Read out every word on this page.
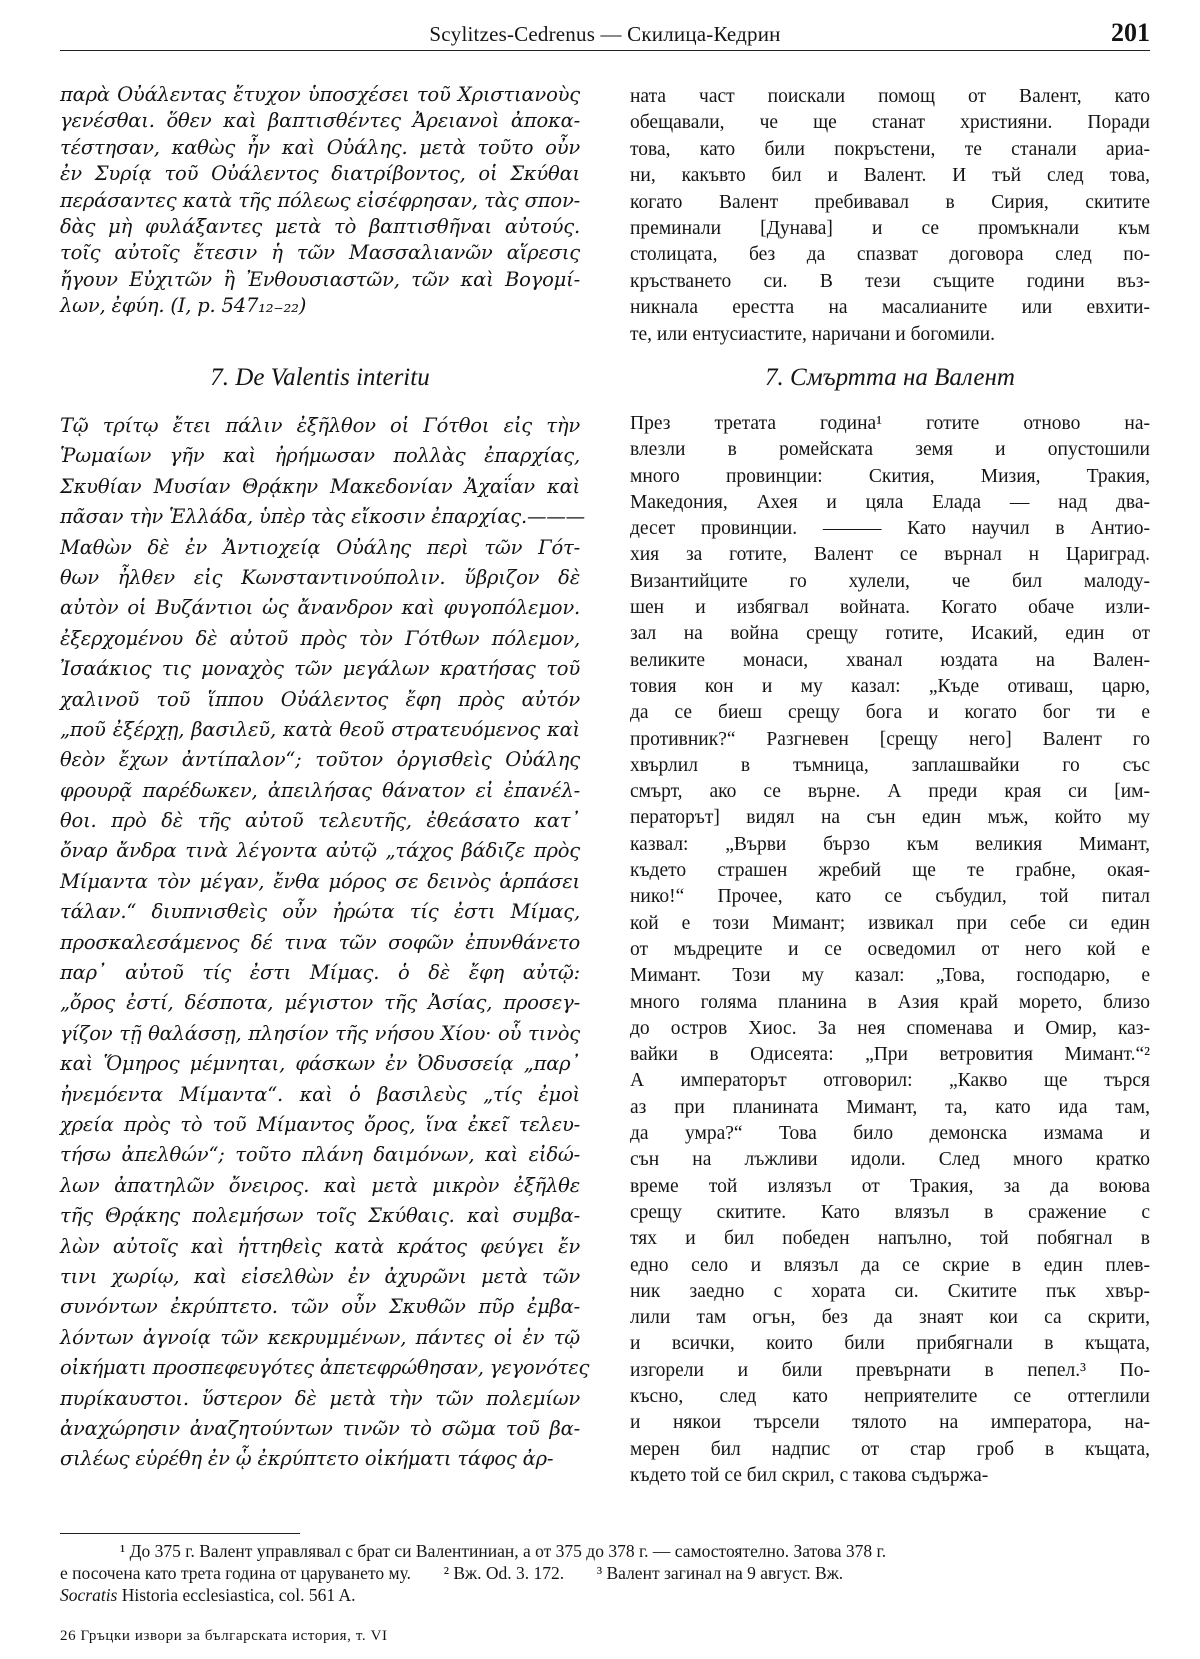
Scylitzes-Cedrenus — Скилица-Кедрин	201
παρὰ Οὐάλεντας ἔτυχον ὑποσχέσει τοῦ Χριστιανοὺς
γενέσθαι. ὅθεν καὶ βαπτισθέντες Ἀρειανοὶ ἀποκα-
τέστησαν, καθὼς ἦν καὶ Οὐάλης. μετὰ τοῦτο οὖν
ἐν Συρίᾳ τοῦ Οὐάλεντος διατρίβοντος, οἱ Σκύθαι
περάσαντες κατὰ τῆς πόλεως εἰσέφρησαν, τὰς σπον-
δὰς μὴ φυλάξαντες μετὰ τὸ βαπτισθῆναι αὐτούς.
τοῖς αὐτοῖς ἔτεσιν ἡ τῶν Μασσαλιανῶν αἵρεσις
ἤγουν Εὐχιτῶν ἢ Ἐνθουσιαστῶν, τῶν καὶ Βογομί-
λων, ἐφύη. (I, p. 547₁₂₋₂₂)
ната част поискали помощ от Валент, като
обещавали, че ще станат християни. Поради
това, като били покръстени, те станали ариа-
ни, какъвто бил и Валент. И тъй след това,
когато Валент пребивавал в Сирия, скитите
преминали [Дунава] и се промъкнали към
столицата, без да спазват договора след по-
кръстването си. В тези същите години въз-
никнала ересттa на масалианите или евхити-
те, или ентусиастите, наричани и богомили.
7. De Valentis interitu	7. Смъртта на Валент
Τῷ τρίτῳ ἔτει πάλιν ἐξῆλθον οἱ Γότθοι εἰς τὴν
Ῥωμαίων γῆν καὶ ἠρήμωσαν πολλὰς ἐπαρχίας,
Σκυθίαν Μυσίαν Θρᾴκην Μακεδονίαν Ἀχαΐαν καὶ
πᾶσαν τὴν Ἑλλάδα, ὑπὲρ τὰς εἴκοσιν ἐπαρχίας.———
Μαθὼν δὲ ἐν Ἀντιοχείᾳ Οὐάλης περὶ τῶν Γότ-
θων ἦλθεν εἰς Κωνσταντινούπολιν. ὕβριζον δὲ
αὐτὸν οἱ Βυζάντιοι ὡς ἄνανδρον καὶ φυγοπόλεμον.
ἐξερχομένου δὲ αὐτοῦ πρὸς τὸν Γότθων πόλεμον,
Ἰσαάκιος τις μοναχὸς τῶν μεγάλων κρατήσας τοῦ
χαλινοῦ τοῦ ἵππου Οὐάλεντος ἔφη πρὸς αὐτόν
„ποῦ ἐξέρχῃ, βασιλεῦ, κατὰ θεοῦ στρατευόμενος καὶ
θεὸν ἔχων ἀντίπαλον“; τοῦτον ὀργισθεὶς Οὐάλης
φρουρᾷ παρέδωκεν, ἀπειλήσας θάνατον εἰ ἐπανέλ-
θοι. πρὸ δὲ τῆς αὐτοῦ τελευτῆς, ἐθεάσατο κατ᾿
ὄναρ ἄνδρα τινὰ λέγοντα αὐτῷ „τάχος βάδιζε πρὸς
Μίμαντα τὸν μέγαν, ἔνθα μόρος σε δεινὸς ἁρπάσει
τάλαν.“ διυπνισθεὶς οὖν ἠρώτα τίς ἐστι Μίμας,
προσκαλεσάμενος δέ τινα τῶν σοφῶν ἐπυνθάνετο
παρ᾿ αὐτοῦ τίς ἐστι Μίμας. ὁ δὲ ἔφη αὐτῷ:
„ὄρος ἐστί, δέσποτα, μέγιστον τῆς Ἀσίας, προσεγ-
γίζον τῇ θαλάσσῃ, πλησίον τῆς νήσου Χίου· οὗ τινὸς
καὶ Ὅμηρος μέμνηται, φάσκων ἐν Ὀδυσσείᾳ „παρ᾿
ἠνεμόεντα Μίμαντα“. καὶ ὁ βασιλεὺς „τίς ἐμοὶ
χρεία πρὸς τὸ τοῦ Μίμαντος ὄρος, ἵνα ἐκεῖ τελευ-
τήσω ἀπελθών“; τοῦτο πλάνη δαιμόνων, καὶ εἰδώ-
λων ἀπατηλῶν ὄνειρος. καὶ μετὰ μικρὸν ἐξῆλθε
τῆς Θρᾴκης πολεμήσων τοῖς Σκύθαις. καὶ συμβα-
λὼν αὐτοῖς καὶ ἡττηθεὶς κατὰ κράτος φεύγει ἔν
τινι χωρίῳ, καὶ εἰσελθὼν ἐν ἀχυρῶνι μετὰ τῶν
συνόντων ἐκρύπτετο. τῶν οὖν Σκυθῶν πῦρ ἐμβα-
λόντων ἀγνοίᾳ τῶν κεκρυμμένων, πάντες οἱ ἐν τῷ
οἰκήματι προσπεφευγότες ἀπετεφρώθησαν, γεγονότες
πυρίκαυστοι. ὕστερον δὲ μετὰ τὴν τῶν πολεμίων
ἀναχώρησιν ἀναζητούντων τινῶν τὸ σῶμα τοῦ βα-
σιλέως εὑρέθη ἐν ᾧ ἐκρύπτετο οἰκήματι τάφος ἀρ-
През третата година¹ готите отново на-
влезли в ромейската земя и опустошили
много провинции: Скития, Мизия, Тракия,
Македония, Ахея и цяла Елада — над два-
десет провинции. ——— Като научил в Антио-
хия за готите, Валент се върнал н Цариград.
Византийците го хулели, че бил малоду-
шен и избягвал войната. Когато обаче изли-
зал на война срещу готите, Исакий, един от
великите монаси, хванал юздата на Вален-
товия кон и му казал: „Къде отиваш, царю,
да се биеш срещу бога и когато бог ти е
противник?“ Разгневен [срещу него] Валент го
хвърлил в тъмница, заплашвайки го със
смърт, ако се върне. А преди края си [им-
ператорът] видял на сън един мъж, който му
казвал: „Върви бързо към великия Мимант,
където страшен жребий ще те грабне, окая-
нико!“ Прочее, като се събудил, той питал
кой е този Мимант; извикал при себе си един
от мъдреците и се осведомил от него кой е
Мимант. Този му казал: „Това, господарю, е
много голяма планина в Азия край морето, близо
до остров Хиос. За нея споменава и Омир, каз-
вайки в Одисеята: „При ветровития Мимант.“²
А императорът отговорил: „Какво ще търся
аз при планината Мимант, та, като ида там,
да умра?“ Това било демонска измама и
сън на лъжливи идоли. След много кратко
време той излязъл от Тракия, за да воюва
срещу скитите. Като влязъл в сражение с
тях и бил победен напълно, той побягнал в
едно село и влязъл да се скрие в един плев-
ник заедно с хората си. Скитите пък хвър-
лили там огън, без да знаят кои са скрити,
и всички, които били прибягнали в къщата,
изгорели и били превърнати в пепел.³ По-
късно, след като неприятелите се оттеглили
и някои търсели тялото на императора, на-
мерен бил надпис от стар гроб в къщата,
където той се бил скрил, с такова съдържа-
¹ До 375 г. Валент управлявал с брат си Валентиниан, а от 375 до 378 г. — самостоятелно. Затова 378 г.
е посочена като трета година от царуването му. ² Вж. Od. 3. 172. ³ Валент загинал на 9 август. Вж.
Socratis Historia ecclesiastica, col. 561 A.
26 Гръцки извори за българската история, т. VI
